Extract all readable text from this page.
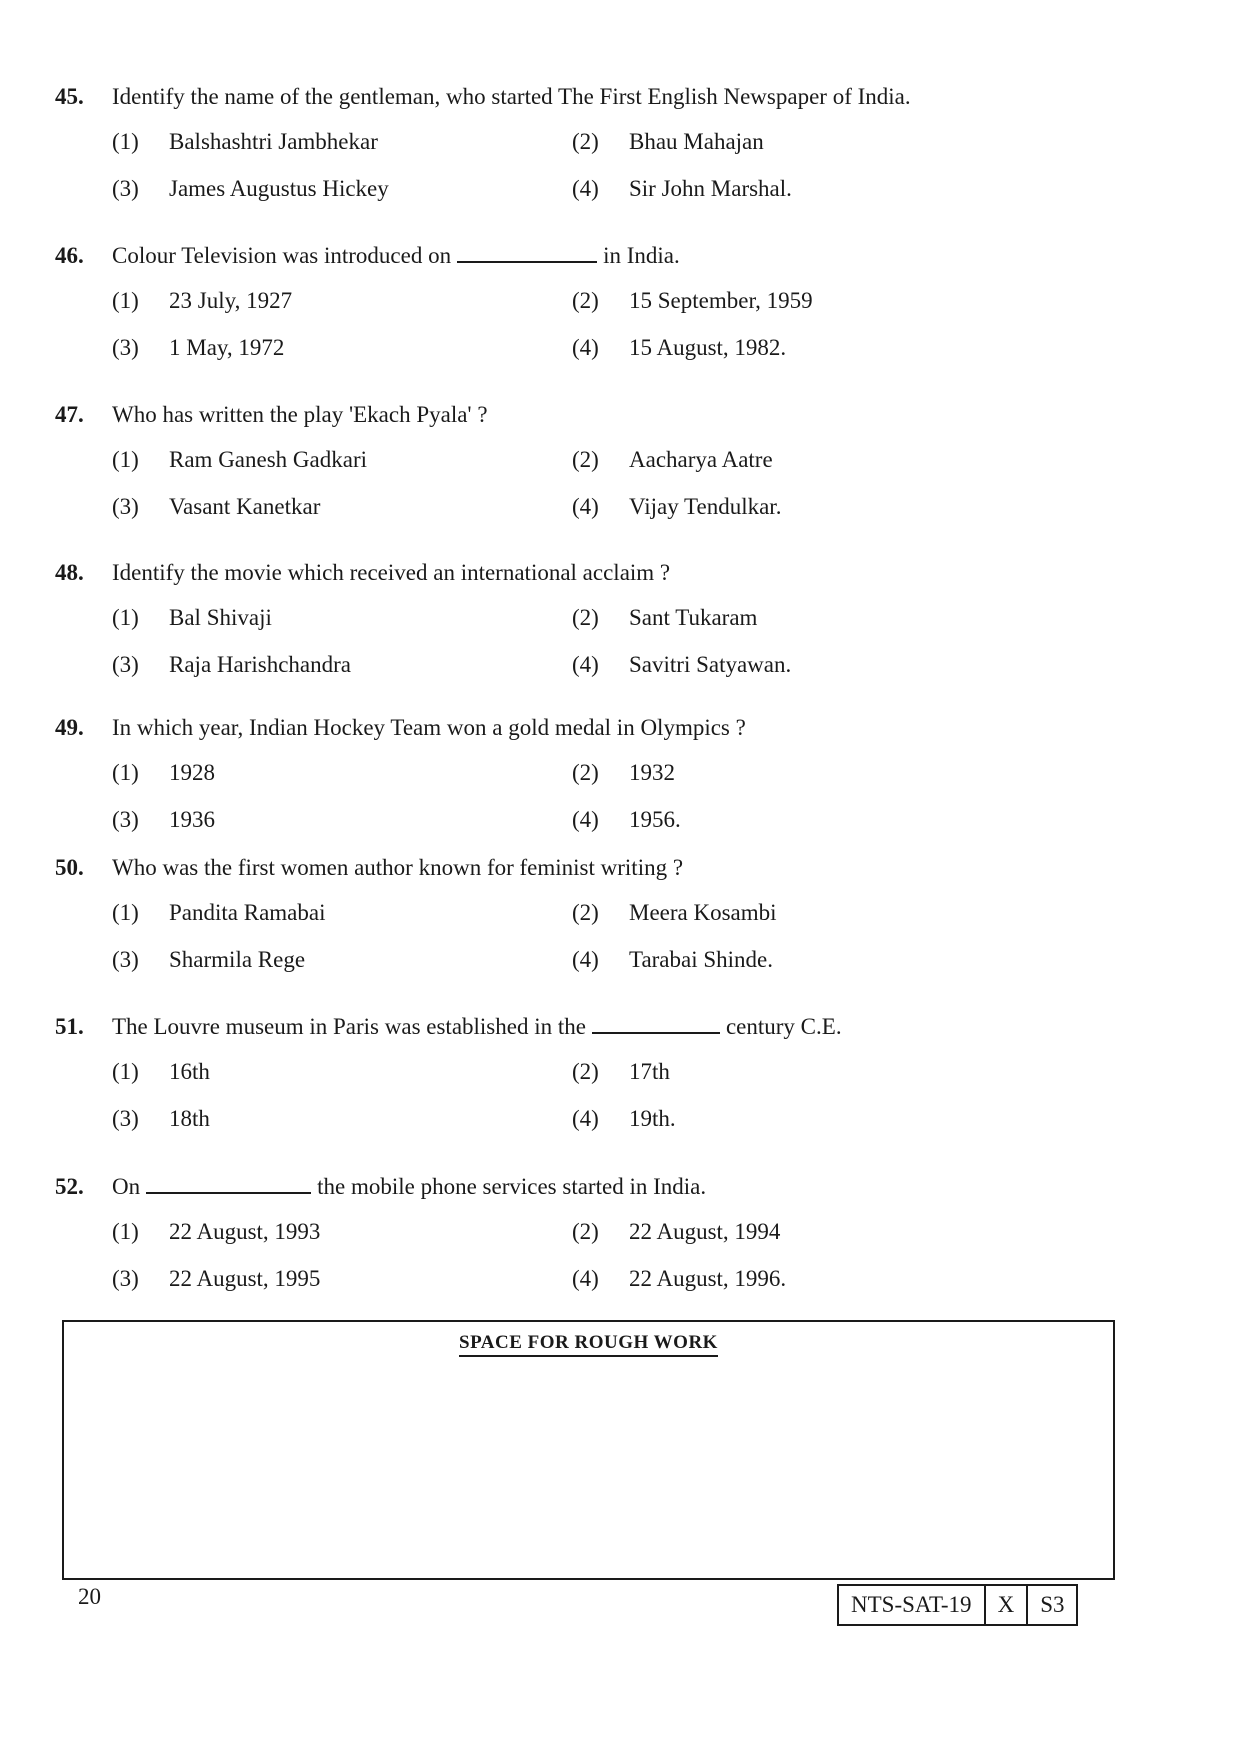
45. Identify the name of the gentleman, who started The First English Newspaper of India.
(1) Balshashtri Jambhekar	(2) Bhau Mahajan
(3) James Augustus Hickey	(4) Sir John Marshal.
46. Colour Television was introduced on	in India.
(1) 23 July, 1927	(2) 15 September, 1959
(3) 1 May, 1972	(4) 15 August, 1982.
47. Who has written the play 'Ekach Pyala' ?
(1) Ram Ganesh Gadkari	(2) Aacharya Aatre
(3) Vasant Kanetkar	(4) Vijay Tendulkar.
48. Identify the movie which received an international acclaim ?
(1) Bal Shivaji	(2) Sant Tukaram
(3) Raja Harishchandra	(4) Savitri Satyawan.
49. In which year, Indian Hockey Team won a gold medal in Olympics ?
(1) 1928	(2) 1932
(3) 1936	(4) 1956.
50. Who was the first women author known for feminist writing ?
(1) Pandita Ramabai	(2) Meera Kosambi
(3) Sharmila Rege	(4) Tarabai Shinde.
51. The Louvre museum in Paris was established in the	century C.E.
(1) 16th	(2) 17th
(3) 18th	(4) 19th.
52. On	the mobile phone services started in India.
(1) 22 August, 1993	(2) 22 August, 1994
(3) 22 August, 1995	(4) 22 August, 1996.
SPACE FOR ROUGH WORK
20	NTS-SAT-19	X	S3
